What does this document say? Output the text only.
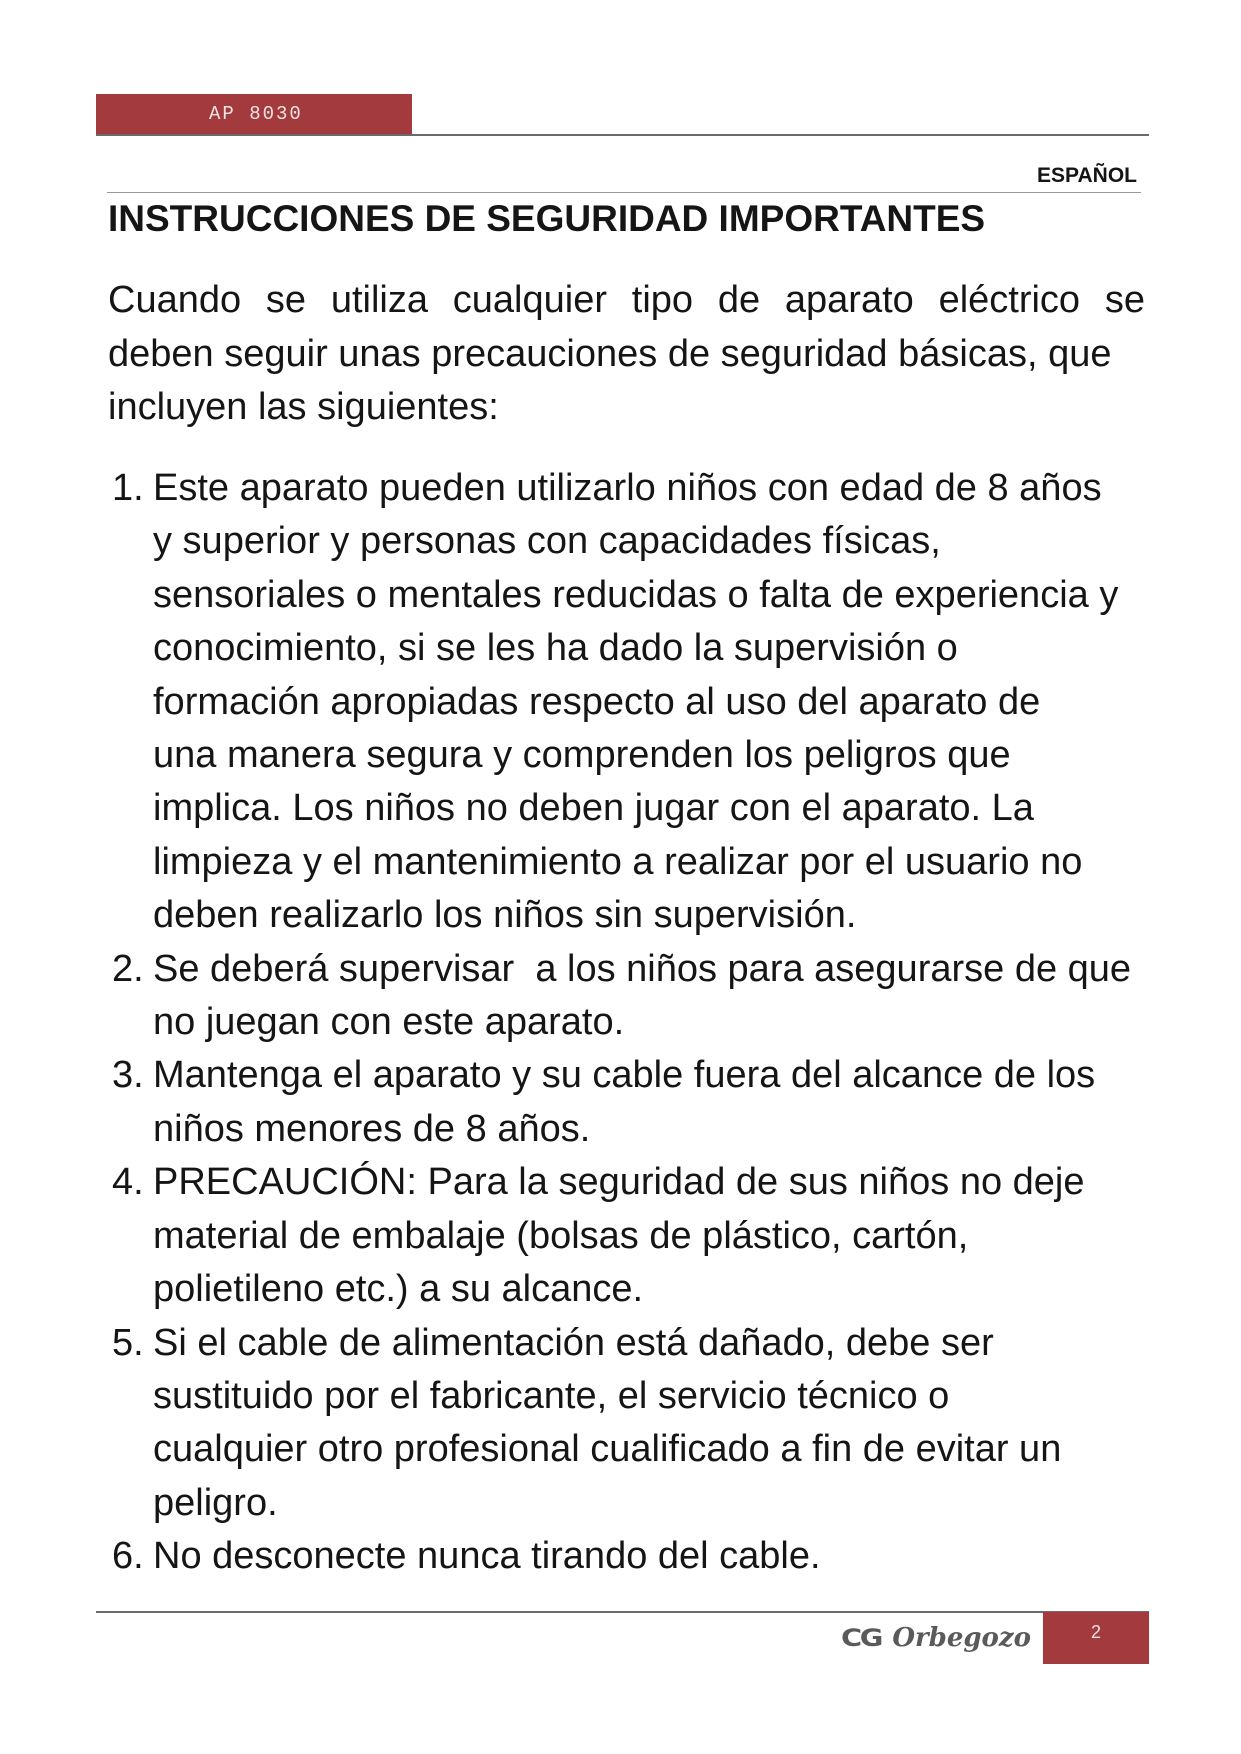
AP 8030
ESPAÑOL
INSTRUCCIONES DE SEGURIDAD IMPORTANTES
Cuando se utiliza cualquier tipo de aparato eléctrico se
deben seguir unas precauciones de seguridad básicas, que
incluyen las siguientes:
1. Este aparato pueden utilizarlo niños con edad de 8 años
y superior y personas con capacidades físicas,
sensoriales o mentales reducidas o falta de experiencia y
conocimiento, si se les ha dado la supervisión o
formación apropiadas respecto al uso del aparato de
una manera segura y comprenden los peligros que
implica. Los niños no deben jugar con el aparato. La
limpieza y el mantenimiento a realizar por el usuario no
deben realizarlo los niños sin supervisión.
2. Se deberá supervisar  a los niños para asegurarse de que
no juegan con este aparato.
3. Mantenga el aparato y su cable fuera del alcance de los
niños menores de 8 años.
4. PRECAUCIÓN: Para la seguridad de sus niños no deje
material de embalaje (bolsas de plástico, cartón,
polietileno etc.) a su alcance.
5. Si el cable de alimentación está dañado, debe ser
sustituido por el fabricante, el servicio técnico o
cualquier otro profesional cualificado a fin de evitar un
peligro.
6. No desconecte nunca tirando del cable.
CG Orbegozo	2
